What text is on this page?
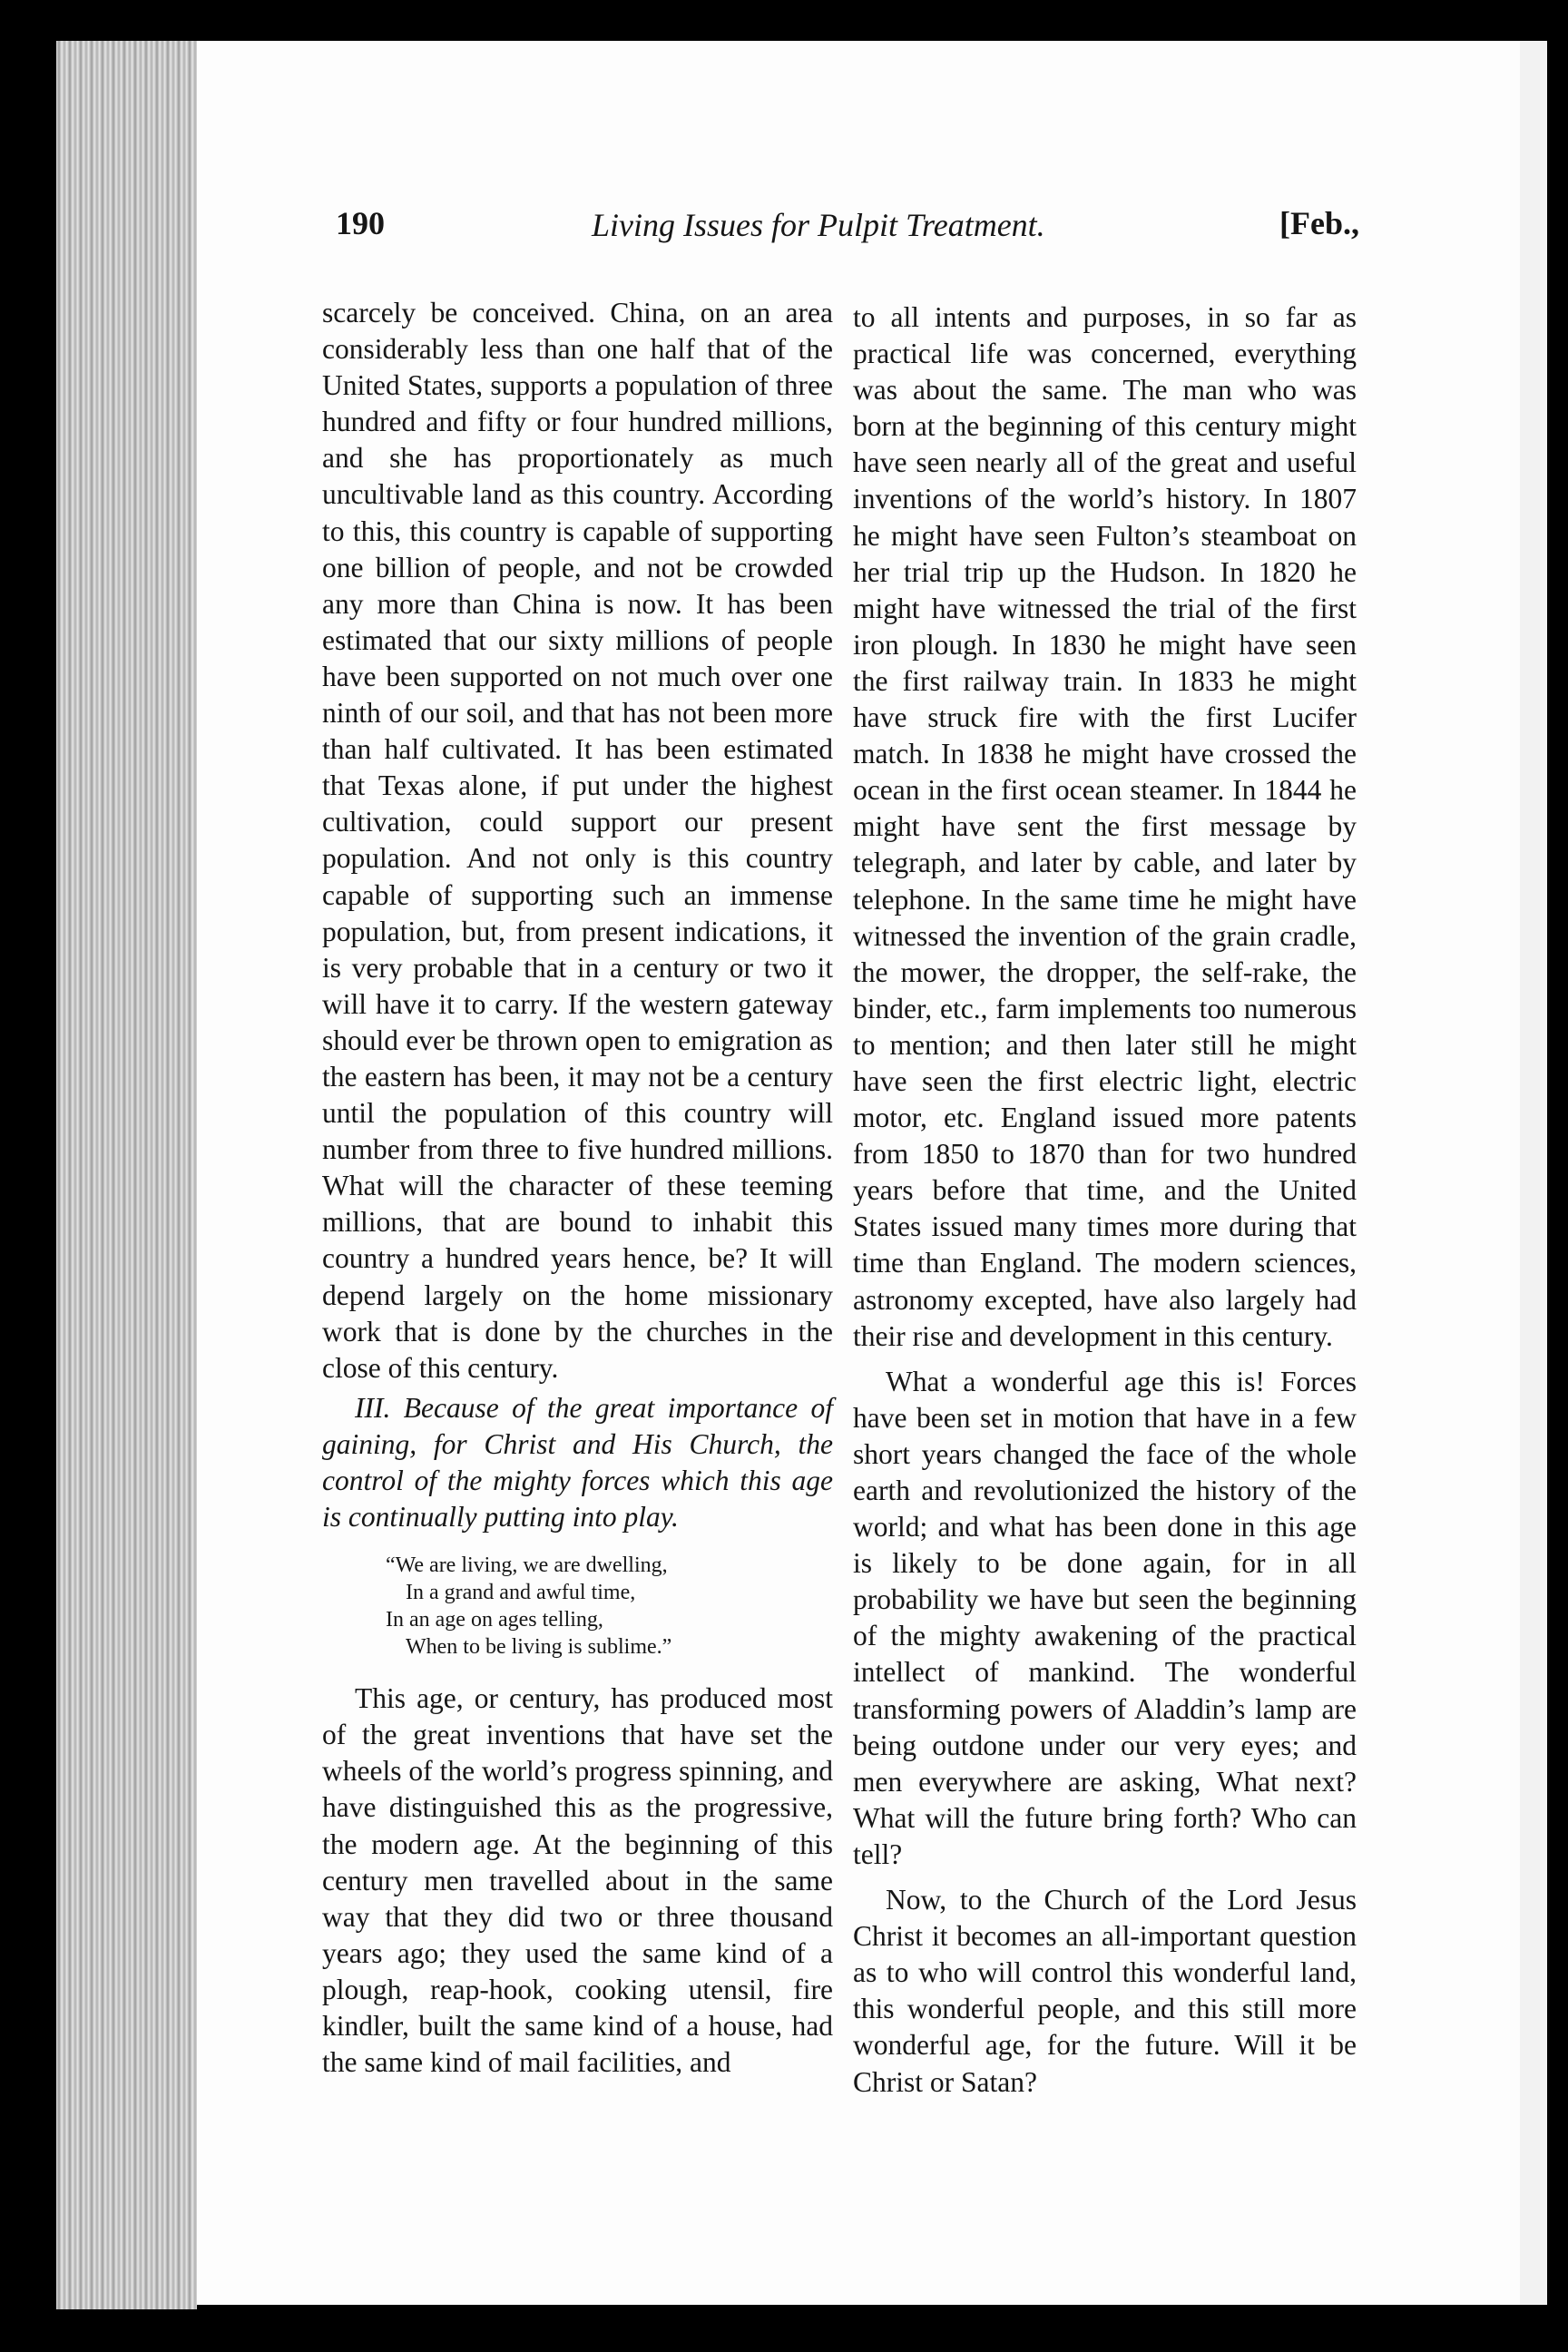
190	Living Issues for Pulpit Treatment.	[Feb.,

scarcely be conceived. China, on an area considerably less than one half that of the United States, supports a population of three hundred and fifty or four hundred millions, and she has proportionately as much uncultivable land as this country. According to this, this country is capable of supporting one billion of people, and not be crowded any more than China is now. It has been estimated that our sixty millions of people have been supported on not much over one ninth of our soil, and that has not been more than half cultivated. It has been estimated that Texas alone, if put under the highest cultivation, could support our present population. And not only is this country capable of supporting such an immense population, but, from present indications, it is very probable that in a century or two it will have it to carry. If the western gateway should ever be thrown open to emigration as the eastern has been, it may not be a century until the population of this country will number from three to five hundred millions. What will the character of these teeming millions, that are bound to inhabit this country a hundred years hence, be? It will depend largely on the home missionary work that is done by the churches in the close of this century.

III. Because of the great importance of gaining, for Christ and His Church, the control of the mighty forces which this age is continually putting into play.

“We are living, we are dwelling,
In a grand and awful time,
In an age on ages telling,
When to be living is sublime.”

This age, or century, has produced most of the great inventions that have set the wheels of the world’s progress spinning, and have distinguished this as the progressive, the modern age. At the beginning of this century men travelled about in the same way that they did two or three thousand years ago; they used the same kind of a plough, reap-hook, cooking utensil, fire kindler, built the same kind of a house, had the same kind of mail facilities, and

to all intents and purposes, in so far as practical life was concerned, everything was about the same. The man who was born at the beginning of this century might have seen nearly all of the great and useful inventions of the world’s history. In 1807 he might have seen Fulton’s steamboat on her trial trip up the Hudson. In 1820 he might have witnessed the trial of the first iron plough. In 1830 he might have seen the first railway train. In 1833 he might have struck fire with the first Lucifer match. In 1838 he might have crossed the ocean in the first ocean steamer. In 1844 he might have sent the first message by telegraph, and later by cable, and later by telephone. In the same time he might have witnessed the invention of the grain cradle, the mower, the dropper, the self-rake, the binder, etc., farm implements too numerous to mention; and then later still he might have seen the first electric light, electric motor, etc. England issued more patents from 1850 to 1870 than for two hundred years before that time, and the United States issued many times more during that time than England. The modern sciences, astronomy excepted, have also largely had their rise and development in this century.

What a wonderful age this is! Forces have been set in motion that have in a few short years changed the face of the whole earth and revolutionized the history of the world; and what has been done in this age is likely to be done again, for in all probability we have but seen the beginning of the mighty awakening of the practical intellect of mankind. The wonderful transforming powers of Aladdin’s lamp are being outdone under our very eyes; and men everywhere are asking, What next? What will the future bring forth? Who can tell?

Now, to the Church of the Lord Jesus Christ it becomes an all-important question as to who will control this wonderful land, this wonderful people, and this still more wonderful age, for the future. Will it be Christ or Satan?
